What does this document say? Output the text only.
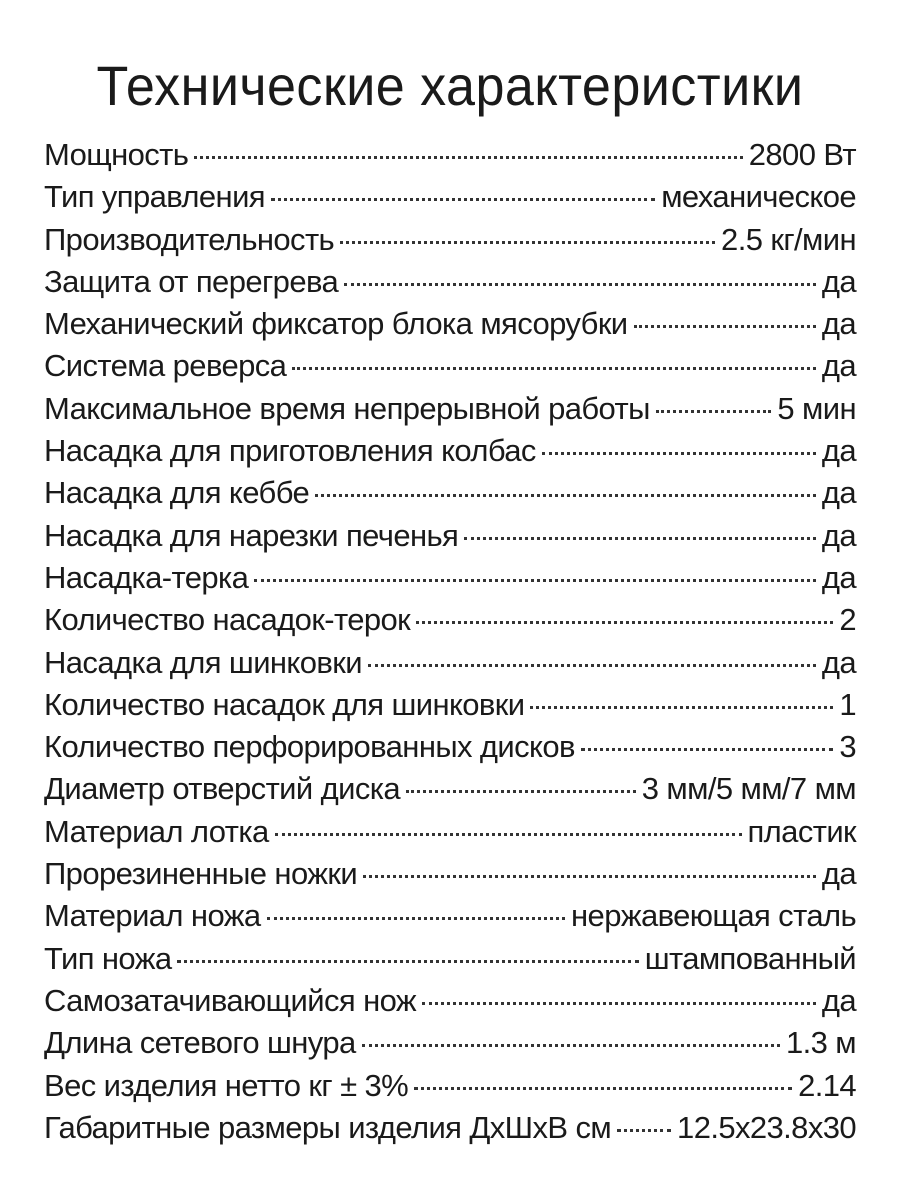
Технические характеристики
Мощность	2800 Вт
Тип управления	механическое
Производительность	2.5 кг/мин
Защита от перегрева	да
Механический фиксатор блока мясорубки	да
Система реверса	да
Максимальное время непрерывной работы	5 мин
Насадка для приготовления колбас	да
Насадка для кеббе	да
Насадка для нарезки печенья	да
Насадка-терка	да
Количество насадок-терок	2
Насадка для шинковки	да
Количество насадок для шинковки	1
Количество перфорированных дисков	3
Диаметр отверстий диска	3 мм/5 мм/7 мм
Материал лотка	пластик
Прорезиненные ножки	да
Материал ножа	нержавеющая сталь
Тип ножа	штампованный
Самозатачивающийся нож	да
Длина сетевого шнура	1.3 м
Вес изделия нетто кг ± 3%	2.14
Габаритные размеры изделия ДхШхВ см 12.5х23.8х30
